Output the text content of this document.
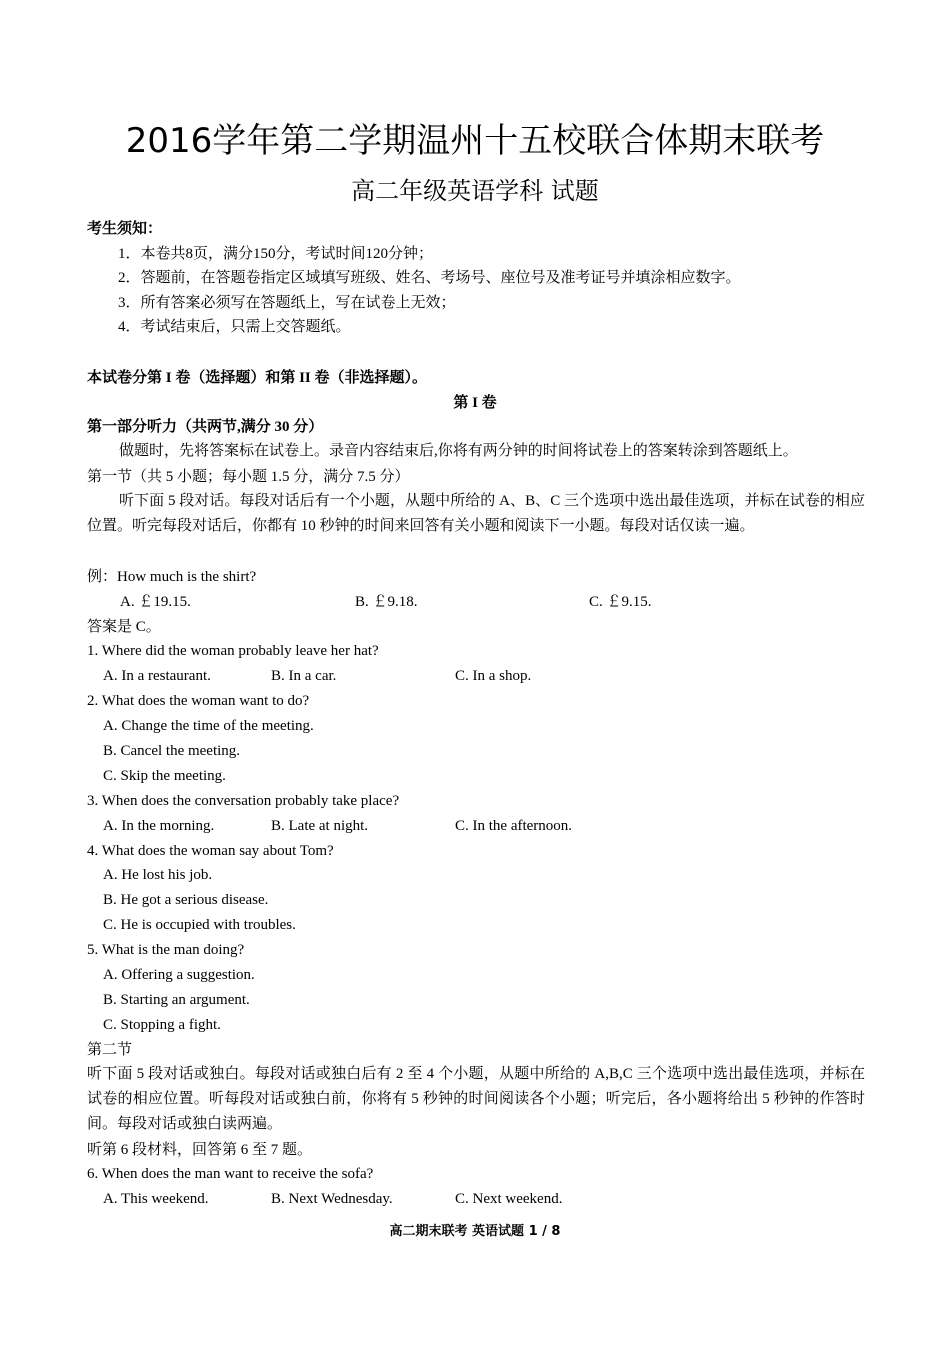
2016学年第二学期温州十五校联合体期末联考
高二年级英语学科 试题
考生须知：
1．本卷共8页，满分150分，考试时间120分钟；
2．答题前，在答题卷指定区域填写班级、姓名、考场号、座位号及准考证号并填涂相应数字。
3．所有答案必须写在答题纸上，写在试卷上无效；
4．考试结束后，只需上交答题纸。
本试卷分第 I 卷（选择题）和第 II 卷（非选择题）。
第 I 卷
第一部分听力（共两节,满分 30 分）
做题时，先将答案标在试卷上。录音内容结束后,你将有两分钟的时间将试卷上的答案转涂到答题纸上。
第一节（共 5 小题；每小题 1.5 分，满分 7.5 分）
听下面 5 段对话。每段对话后有一个小题，从题中所给的 A、B、C 三个选项中选出最佳选项，并标在试卷的相应位置。听完每段对话后，你都有 10 秒钟的时间来回答有关小题和阅读下一小题。每段对话仅读一遍。
例：How much is the shirt?
A. ￡19.15.	B. ￡9.18.	C. ￡9.15.
答案是 C。
1. Where did the woman probably leave her hat?
A. In a restaurant.	B. In a car.	C. In a shop.
2. What does the woman want to do?
A. Change the time of the meeting.
B. Cancel the meeting.
C. Skip the meeting.
3. When does the conversation probably take place?
A. In the morning.	B. Late at night.	C. In the afternoon.
4. What does the woman say about Tom?
A. He lost his job.
B. He got a serious disease.
C. He is occupied with troubles.
5. What is the man doing?
A. Offering a suggestion.
B. Starting an argument.
C. Stopping a fight.
第二节
听下面 5 段对话或独白。每段对话或独白后有 2 至 4 个小题，从题中所给的 A,B,C 三个选项中选出最佳选项，并标在试卷的相应位置。听每段对话或独白前，你将有 5 秒钟的时间阅读各个小题；听完后，各小题将给出 5 秒钟的作答时间。每段对话或独白读两遍。
听第 6 段材料，回答第 6 至 7 题。
6. When does the man want to receive the sofa?
A. This weekend.	B. Next Wednesday.	C. Next weekend.
高二期末联考 英语试题 1 / 8
